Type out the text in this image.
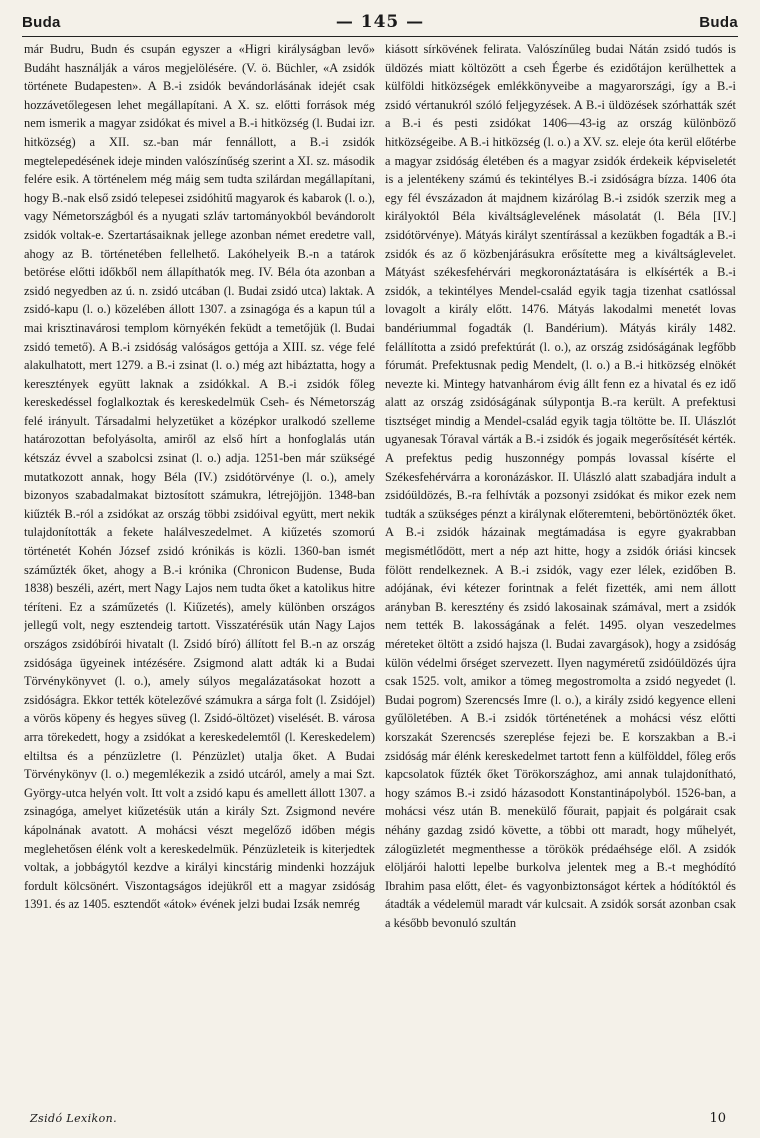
Buda	— 145 —	Buda

már Budru, Budn és csupán egyszer a «Higri királyságban levő» Budáht használják a város megjelölésére. (V. ö. Büchler, «A zsidók története Budapesten». A B.-i zsidók bevándorlásának idejét csak hozzávetőlegesen lehet megállapítani. A X. sz. előtti források még nem ismerik a magyar zsidókat és mivel a B.-i hitközség (l. Budai izr. hitközség) a XII. sz.-ban már fennállott, a B.-i zsidók megtelepedésének ideje minden valószínűség szerint a XI. sz. második felére esik. A történelem még máig sem tudta szilárdan megállapítani, hogy B.-nak első zsidó telepesei zsidóhitű magyarok és kabarok (l. o.), vagy Németországból és a nyugati szláv tartományokból bevándorolt zsidók voltak-e. Szertartásaiknak jellege azonban német eredetre vall, ahogy az B. történetében fellelhető. Lakóhelyeik B.-n a tatárok betörése előtti időkből nem állapíthatók meg. IV. Béla óta azonban a zsidó negyedben az ú. n. zsidó utcában (l. Budai zsidó utca) laktak. A zsidó-kapu (l. o.) közelében állott 1307. a zsinagóga és a kapun túl a mai krisztinavárosi templom környékén feküdt a temetőjük (l. Budai zsidó temető). A B.-i zsidóság valóságos gettója a XIII. sz. vége felé alakulhatott, mert 1279. a B.-i zsinat (l. o.) még azt hibáztatta, hogy a keresztények együtt laknak a zsidókkal. A B.-i zsidók főleg kereskedéssel foglalkoztak és kereskedelmük Cseh- és Németország felé irányult. Társadalmi helyzetüket a középkor uralkodó szelleme határozottan befolyásolta, amiről az első hírt a honfoglalás után kétszáz évvel a szabolcsi zsinat (l. o.) adja. 1251-ben már szükségé mutatkozott annak, hogy Béla (IV.) zsidótörvénye (l. o.), amely bizonyos szabadalmakat biztosított számukra, létrejöjjön. 1348-ban kiűzték B.-ról a zsidókat az ország többi zsidóival együtt, mert nekik tulajdonították a fekete halálveszedelmet. A kiűzetés szomorú történetét Kohén József zsidó krónikás is közli. 1360-ban ismét száműzték őket, ahogy a B.-i krónika (Chronicon Budense, Buda 1838) beszéli, azért, mert Nagy Lajos nem tudta őket a katolikus hitre téríteni. Ez a száműzetés (l. Kiűzetés), amely különben országos jellegű volt, negy esztendeig tartott. Visszatérésük után Nagy Lajos országos zsidóbírói hivatalt (l. Zsidó bíró) állított fel B.-n az ország zsidósága ügyeinek intézésére. Zsigmond alatt adták ki a Budai Törvénykönyvet (l. o.), amely súlyos megalázatásokat hozott a zsidóságra. Ekkor tették kötelezővé számukra a sárga folt (l. Zsidójel) a vörös köpeny és hegyes süveg (l. Zsidó-öltözet) viselését. B. városa arra törekedett, hogy a zsidókat a kereskedelemtől (l. Kereskedelem) eltiltsa és a pénzüzletre (l. Pénzüzlet) utalja őket. A Budai Törvénykönyv (l. o.) megemlékezik a zsidó utcáról, amely a mai Szt. György-utca helyén volt. Itt volt a zsidó kapu és amellett állott 1307. a zsinagóga, amelyet kiűzetésük után a király Szt. Zsigmond nevére kápolnának avatott. A mohácsi vészt megelőző időben mégis meglehetősen élénk volt a kereskedelmük. Pénzüzleteik is kiterjedtek voltak, a jobbágytól kezdve a királyi kincstárig mindenki hozzájuk fordult kölcsönért. Viszontagságos idejükről ett a magyar zsidóság 1391. és az 1405. esztendőt «átok» évének jelzi budai Izsák nemrég

kiásott sírkövének felirata. Valószínűleg budai Nátán zsidó tudós is üldözés miatt költözött a cseh Égerbe és ezidőtájon kerülhettek a külföldi hitközségek emlékkönyveibe a magyarországi, így a B.-i zsidó vértanukról szóló feljegyzések. A B.-i üldözések szórhatták szét a B.-i és pesti zsidókat 1406—43-ig az ország különböző hitközségeibe. A B.-i hitközség (l. o.) a XV. sz. eleje óta kerül előtérbe a magyar zsidóság életében és a magyar zsidók érdekeik képviseletét is a jelentékeny számú és tekintélyes B.-i zsidóságra bízza. 1406 óta egy fél évszázadon át majdnem kizárólag B.-i zsidók szerzik meg a királyoktól Béla kiváltságlevelének másolatát (l. Béla [IV.] zsidótörvénye). Mátyás királyt szentírással a kezükben fogadták a B.-i zsidók és az ő közbenjárásukra erősítette meg a kiváltságlevelet. Mátyást székesfehérvári megkoronáztatására is elkísérték a B.-i zsidók, a tekintélyes Mendel-család egyik tagja tizenhat csatlóssal lovagolt a király előtt. 1476. Mátyás lakodalmi menetét lovas bandériummal fogadták (l. Bandérium). Mátyás király 1482. felállította a zsidó prefektúrát (l. o.), az ország zsidóságának legfőbb fórumát. Prefektusnak pedig Mendelt, (l. o.) a B.-i hitközség elnökét nevezte ki. Mintegy hatvanhárom évig állt fenn ez a hivatal és ez idő alatt az ország zsidóságának súlypontja B.-ra került. A prefektusi tisztséget mindig a Mendel-család egyik tagja töltötte be. II. Ulászlót ugyanesak Tóraval várták a B.-i zsidók és jogaik megerősítését kérték. A prefektus pedig huszonnégy pompás lovassal kísérte el Székesfehérvárra a koronázáskor. II. Ulászló alatt szabadjára indult a zsidóüldözés, B.-ra felhívták a pozsonyi zsidókat és mikor ezek nem tudták a szükséges pénzt a királynak előteremteni, bebörtönözték őket. A B.-i zsidók házainak megtámadása is egyre gyakrabban megismétlődött, mert a nép azt hitte, hogy a zsidók óriási kincsek fölött rendelkeznek. A B.-i zsidók, vagy ezer lélek, ezidőben B. adójának, évi kétezer forintnak a felét fizették, ami nem állott arányban B. keresztény és zsidó lakosainak számával, mert a zsidók nem tették B. lakosságának a felét. 1495. olyan veszedelmes méreteket öltött a zsidó hajsza (l. Budai zavargások), hogy a zsidóság külön védelmi őrséget szervezett. Ilyen nagyméretű zsidóüldözés újra csak 1525. volt, amikor a tömeg megostromolta a zsidó negyedet (l. Budai pogrom) Szerencsés Imre (l. o.), a király zsidó kegyence elleni gyűlöletében. A B.-i zsidók történetének a mohácsi vész előtti korszakát Szerencsés szereplése fejezi be. E korszakban a B.-i zsidóság már élénk kereskedelmet tartott fenn a külfölddel, főleg erős kapcsolatok fűzték őket Törökországhoz, ami annak tulajdonítható, hogy számos B.-i zsidó házasodott Konstantinápolyból. 1526-ban, a mohácsi vész után B. menekülő főurait, papjait és polgárait csak néhány gazdag zsidó követte, a többi ott maradt, hogy műhelyét, zálogüzletét megmenthesse a törökök prédaéhsége elől. A zsidók elöljárói halotti lepelbe burkolva jelentek meg a B.-t meghódító Ibrahim pasa előtt, élet- és vagyonbiztonságot kértek a hódítóktól és átadták a védelemül maradt vár kulcsait. A zsidók sorsát azonban csak a később bevonuló szultán

Zsidó Lexikon.	10
